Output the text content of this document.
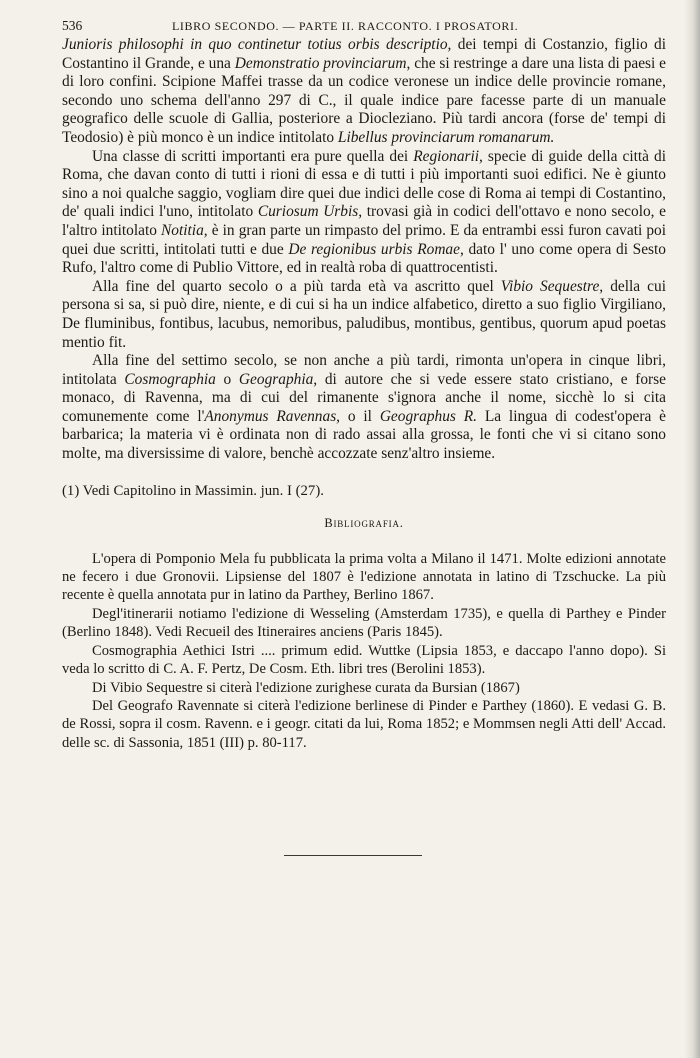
536	LIBRO SECONDO. — PARTE II. RACCONTO. I PROSATORI.

Junioris philosophi in quo continetur totius orbis descriptio, dei tempi di Costanzio, figlio di Costantino il Grande, e una Demonstratio provinciarum, che si restringe a dare una lista di paesi e di loro confini. Scipione Maffei trasse da un codice veronese un indice delle provincie romane, secondo uno schema dell'anno 297 di C., il quale indice pare facesse parte di un manuale geografico delle scuole di Gallia, posteriore a Diocleziano. Più tardi ancora (forse de' tempi di Teodosio) è più monco è un indice intitolato Libellus provinciarum romanarum.

Una classe di scritti importanti era pure quella dei Regionarii, specie di guide della città di Roma, che davan conto di tutti i rioni di essa e di tutti i più importanti suoi edifici. Ne è giunto sino a noi qualche saggio, vogliam dire quei due indici delle cose di Roma ai tempi di Costantino, de' quali indici l'uno, intitolato Curiosum Urbis, trovasi già in codici dell'ottavo e nono secolo, e l'altro intitolato Notitia, è in gran parte un rimpasto del primo. E da entrambi essi furon cavati poi quei due scritti, intitolati tutti e due De regionibus urbis Romae, dato l' uno come opera di Sesto Rufo, l'altro come di Publio Vittore, ed in realtà roba di quattrocentisti.

Alla fine del quarto secolo o a più tarda età va ascritto quel Vibio Sequestre, della cui persona si sa, si può dire, niente, e di cui si ha un indice alfabetico, diretto a suo figlio Virgiliano, De fluminibus, fontibus, lacubus, nemoribus, paludibus, montibus, gentibus, quorum apud poetas mentio fit.

Alla fine del settimo secolo, se non anche a più tardi, rimonta un'opera in cinque libri, intitolata Cosmographia o Geographia, di autore che si vede essere stato cristiano, e forse monaco, di Ravenna, ma di cui del rimanente s'ignora anche il nome, sicchè lo si cita comunemente come l'Anonymus Ravennas, o il Geographus R. La lingua di codest'opera è barbarica; la materia vi è ordinata non di rado assai alla grossa, le fonti che vi si citano sono molte, ma diversissime di valore, benchè accozzate senz'altro insieme.

(1) Vedi Capitolino in Massimin. jun. I (27).
Bibliografia.

L'opera di Pomponio Mela fu pubblicata la prima volta a Milano il 1471. Molte edizioni annotate ne fecero i due Gronovii. Lipsiense del 1807 è l'edizione annotata in latino di Tzschucke. La più recente è quella annotata pur in latino da Parthey, Berlino 1867.

Degl'itinerarii notiamo l'edizione di Wesseling (Amsterdam 1735), e quella di Parthey e Pinder (Berlino 1848). Vedi Recueil des Itineraires anciens (Paris 1845).

Cosmographia Aethici Istri .... primum edid. Wuttke (Lipsia 1853, e daccapo l'anno dopo). Si veda lo scritto di C. A. F. Pertz, De Cosm. Eth. libri tres (Berolini 1853).

Di Vibio Sequestre si citerà l'edizione zurighese curata da Bursian (1867)

Del Geografo Ravennate si citerà l'edizione berlinese di Pinder e Parthey (1860). E vedasi G. B. de Rossi, sopra il cosm. Ravenn. e i geogr. citati da lui, Roma 1852; e Mommsen negli Atti dell' Accad. delle sc. di Sassonia, 1851 (III) p. 80-117.
